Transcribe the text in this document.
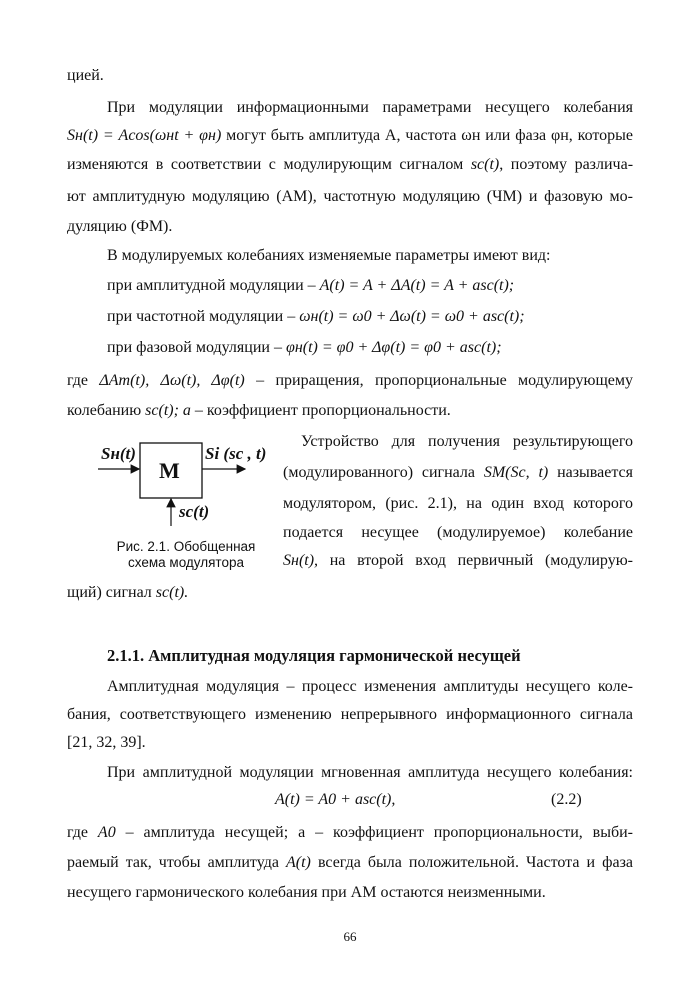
цией.
При модуляции информационными параметрами несущего колебания
Sн(t) = Acos(ωнt + φн) могут быть амплитуда A, частота ωн или фаза φн, которые
изменяются в соответствии с модулирующим сигналом sc(t), поэтому различа-
ют амплитудную модуляцию (АМ), частотную модуляцию (ЧМ) и фазовую мо-
дуляцию (ФМ).
В модулируемых колебаниях изменяемые параметры имеют вид:
при амплитудной модуляции – A(t) = A + ΔA(t) = A + asc(t);
при частотной модуляции – ωн(t) = ω0 + Δω(t) = ω0 + asc(t);
при фазовой модуляции – φн(t) = φ0 + Δφ(t) = φ0 + asc(t);
где ΔAm(t), Δω(t), Δφ(t) – приращения, пропорциональные модулирующему
колебанию sc(t); a – коэффициент пропорциональности.
Sн(t)
M
Sі (sc , t)
sc(t)
Рис. 2.1. Обобщенная
схема модулятора
Устройство для получения результирующего
(модулированного) сигнала SM(Sc, t) называется
модулятором, (рис. 2.1), на один вход которого
подается несущее (модулируемое) колебание
Sн(t), на второй вход первичный (модулирую-
щий) сигнал sc(t).
2.1.1. Амплитудная модуляция гармонической несущей
Амплитудная модуляция – процесс изменения амплитуды несущего коле-
бания, соответствующего изменению непрерывного информационного сигнала
[21, 32, 39].
При амплитудной модуляции мгновенная амплитуда несущего колебания:
A(t) = A0 + asc(t),	(2.2)
где A0 – амплитуда несущей; a – коэффициент пропорциональности, выби-
раемый так, чтобы амплитуда A(t) всегда была положительной. Частота и фаза
несущего гармонического колебания при АМ остаются неизменными.
66
